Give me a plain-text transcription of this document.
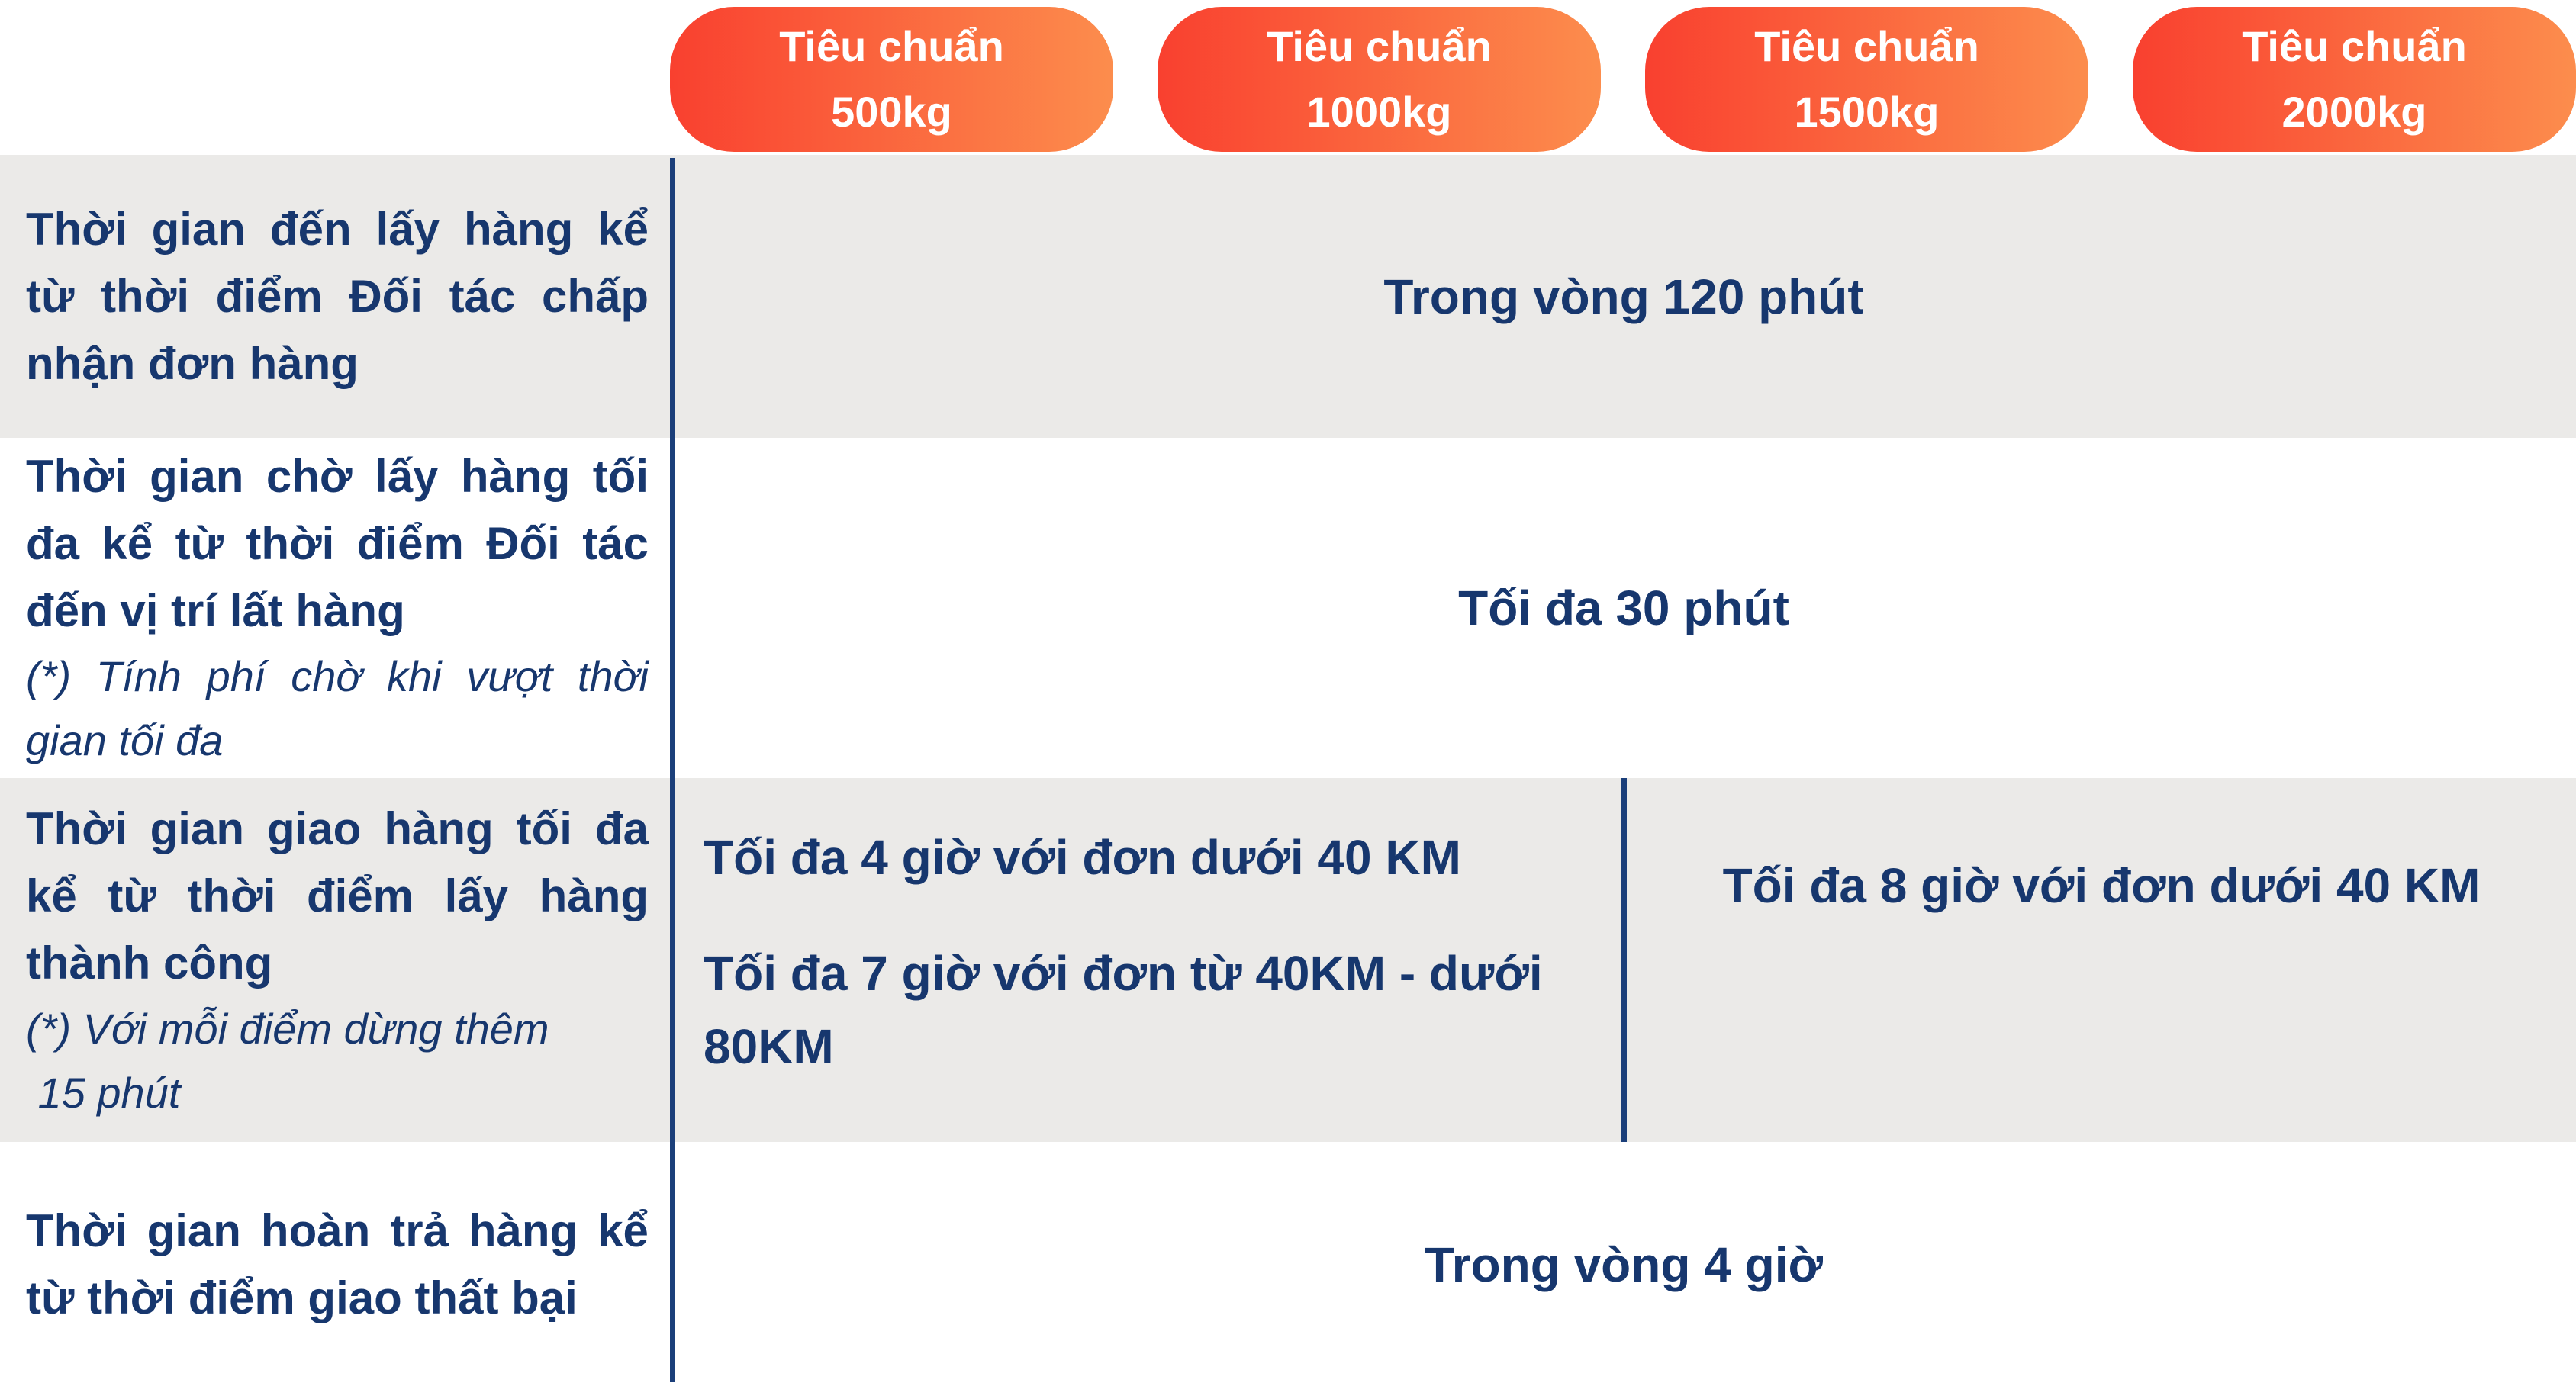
Tiêu chuẩn
500kg
Tiêu chuẩn
1000kg
Tiêu chuẩn
1500kg
Tiêu chuẩn
2000kg
Thời gian đến lấy hàng kể
từ thời điểm Đối tác chấp
nhận đơn hàng
Trong vòng 120 phút
Thời gian chờ lấy hàng tối
đa kể từ thời điểm Đối tác
đến vị trí lất hàng
(*) Tính phí chờ khi vượt thời
gian tối đa
Tối đa 30 phút
Thời gian giao hàng tối đa
kể từ thời điểm lấy hàng
thành công
(*) Với mỗi điểm dừng thêm
15 phút
Tối đa 4 giờ với đơn dưới 40 KM
Tối đa 7 giờ với đơn từ 40KM - dưới
80KM
Tối đa 8 giờ với đơn dưới 40 KM
Thời gian hoàn trả hàng kể
từ thời điểm giao thất bại
Trong vòng 4 giờ
